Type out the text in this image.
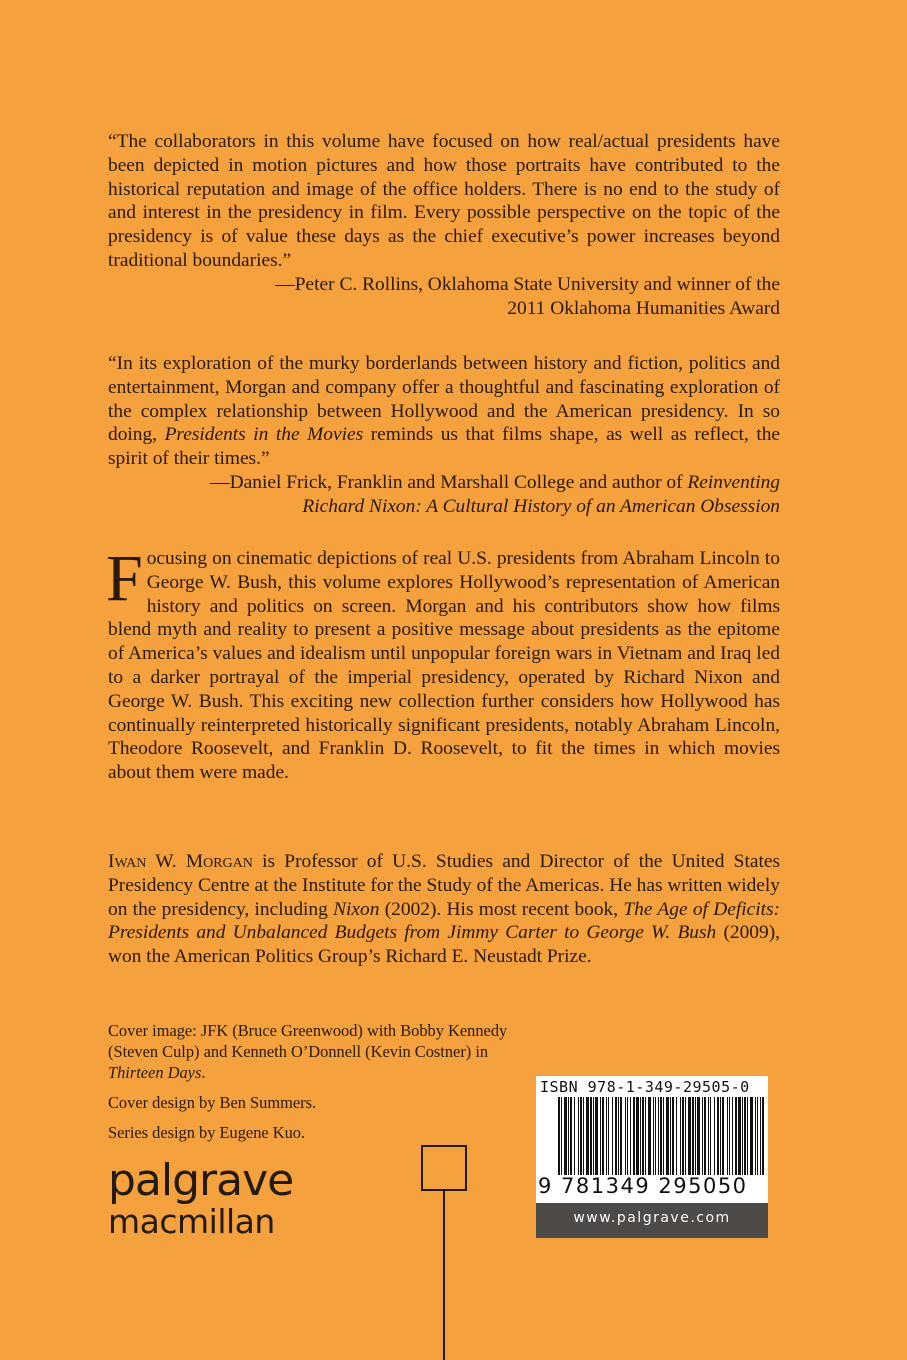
“The collaborators in this volume have focused on how real/actual presidents have been depicted in motion pictures and how those portraits have contributed to the historical reputation and image of the office holders. There is no end to the study of and interest in the presidency in film. Every possible perspective on the topic of the presidency is of value these days as the chief executive’s power increases beyond traditional boundaries.”

—Peter C. Rollins, Oklahoma State University and winner of the
2011 Oklahoma Humanities Award

“In its exploration of the murky borderlands between history and fiction, politics and entertainment, Morgan and company offer a thoughtful and fascinating exploration of the complex relationship between Hollywood and the American presidency. In so doing, Presidents in the Movies reminds us that films shape, as well as reflect, the spirit of their times.”

—Daniel Frick, Franklin and Marshall College and author of Reinventing
Richard Nixon: A Cultural History of an American Obsession

Focusing on cinematic depictions of real U.S. presidents from Abraham Lincoln to George W. Bush, this volume explores Hollywood’s representation of American history and politics on screen. Morgan and his contributors show how films blend myth and reality to present a positive message about presidents as the epitome of America’s values and idealism until unpopular foreign wars in Vietnam and Iraq led to a darker portrayal of the imperial presidency, operated by Richard Nixon and George W. Bush. This exciting new collection further considers how Hollywood has continually reinterpreted historically significant presidents, notably Abraham Lincoln, Theodore Roosevelt, and Franklin D. Roosevelt, to fit the times in which movies about them were made.

Iwan W. Morgan is Professor of U.S. Studies and Director of the United States Presidency Centre at the Institute for the Study of the Americas. He has written widely on the presidency, including Nixon (2002). His most recent book, The Age of Deficits: Presidents and Unbalanced Budgets from Jimmy Carter to George W. Bush (2009), won the American Politics Group’s Richard E. Neustadt Prize.

Cover image: JFK (Bruce Greenwood) with Bobby Kennedy (Steven Culp) and Kenneth O’Donnell (Kevin Costner) in Thirteen Days.

Cover design by Ben Summers.

Series design by Eugene Kuo.

palgrave
macmillan
ISBN 978-1-349-29505-0
9 781349 295050
www.palgrave.com
